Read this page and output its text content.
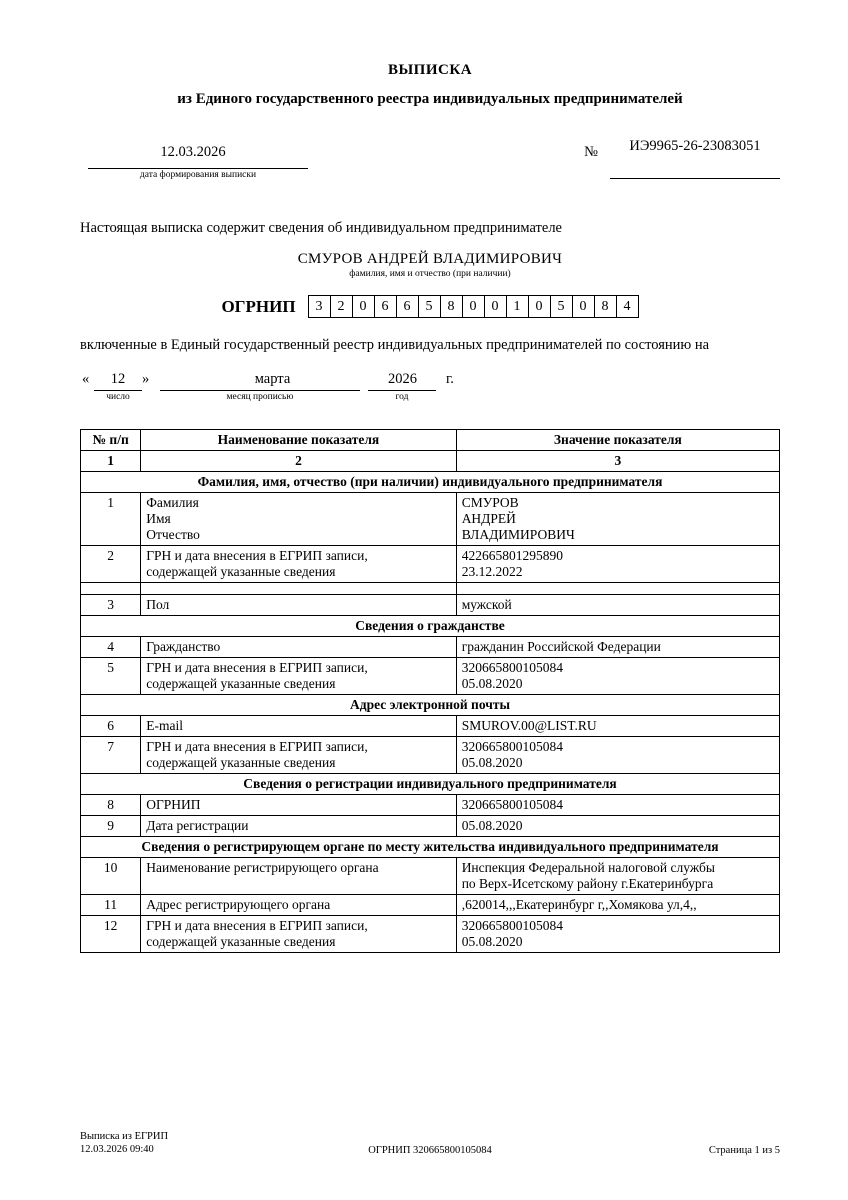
ВЫПИСКА
из Единого государственного реестра индивидуальных предпринимателей
12.03.2026
дата формирования выписки
№	ИЭ9965-26-23083051
Настоящая выписка содержит сведения об индивидуальном предпринимателе
СМУРОВ АНДРЕЙ ВЛАДИМИРОВИЧ
фамилия, имя и отчество (при наличии)
ОГРНИП	3	2	0	6	6	5	8	0	0	1	0	5	0	8	4
включенные в Единый государственный реестр индивидуальных предпринимателей по состоянию на
«	12	»
число
марта
месяц прописью
2026
год
г.
№ п/п	Наименование показателя	Значение показателя
1	2	3
Фамилия, имя, отчество (при наличии) индивидуального предпринимателя		
1	Фамилия
Имя
Отчество	СМУРОВ
АНДРЕЙ
ВЛАДИМИРОВИЧ
2	ГРН и дата внесения в ЕГРИП записи,
содержащей указанные сведения	422665801295890
23.12.2022

3	Пол	мужской
Сведения о гражданстве		
4	Гражданство	гражданин Российской Федерации
5	ГРН и дата внесения в ЕГРИП записи,
содержащей указанные сведения	320665800105084
05.08.2020
Адрес электронной почты		
6	E-mail	SMUROV.00@LIST.RU
7	ГРН и дата внесения в ЕГРИП записи,
содержащей указанные сведения	320665800105084
05.08.2020
Сведения о регистрации индивидуального предпринимателя		
8	ОГРНИП	320665800105084
9	Дата регистрации	05.08.2020
Сведения о регистрирующем органе по месту жительства индивидуального предпринимателя		
10	Наименование регистрирующего органа	Инспекция Федеральной налоговой службы
по Верх-Исетскому району г.Екатеринбурга
11	Адрес регистрирующего органа	,620014,,,Екатеринбург г,,Хомякова ул,4,,
12	ГРН и дата внесения в ЕГРИП записи,
содержащей указанные сведения	320665800105084
05.08.2020
Выписка из ЕГРИП
12.03.2026 09:40	ОГРНИП 320665800105084	Страница 1 из 5
